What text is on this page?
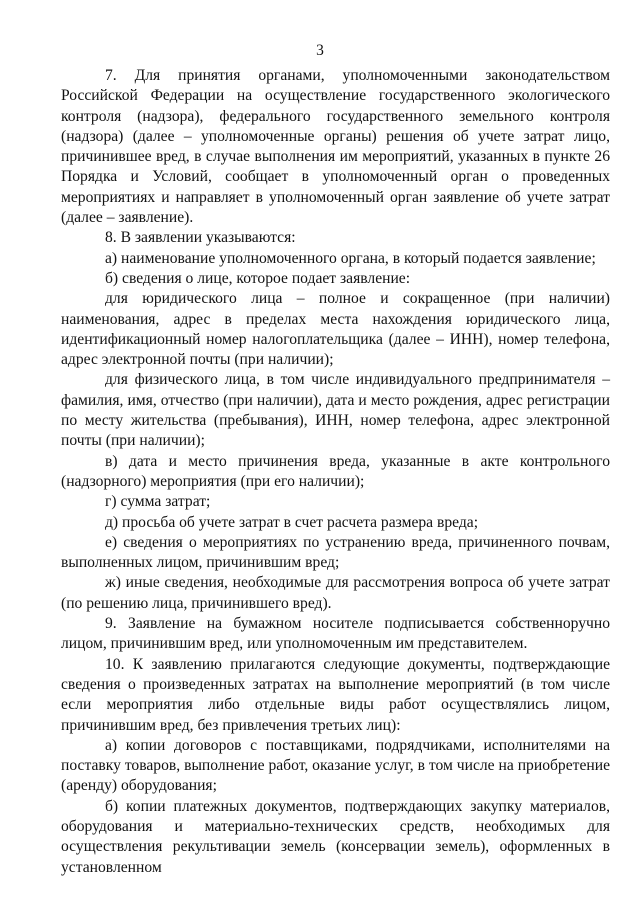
3

7. Для принятия органами, уполномоченными законодательством Российской Федерации на осуществление государственного экологического контроля (надзора), федерального государственного земельного контроля (надзора) (далее – уполномоченные органы) решения об учете затрат лицо, причинившее вред, в случае выполнения им мероприятий, указанных в пункте 26 Порядка и Условий, сообщает в уполномоченный орган о проведенных мероприятиях и направляет в уполномоченный орган заявление об учете затрат (далее – заявление).

8. В заявлении указываются:

а) наименование уполномоченного органа, в который подается заявление;

б) сведения о лице, которое подает заявление:

для юридического лица – полное и сокращенное (при наличии) наименования, адрес в пределах места нахождения юридического лица, идентификационный номер налогоплательщика (далее – ИНН), номер телефона, адрес электронной почты (при наличии);

для физического лица, в том числе индивидуального предпринимателя – фамилия, имя, отчество (при наличии), дата и место рождения, адрес регистрации по месту жительства (пребывания), ИНН, номер телефона, адрес электронной почты (при наличии);

в) дата и место причинения вреда, указанные в акте контрольного (надзорного) мероприятия (при его наличии);

г) сумма затрат;

д) просьба об учете затрат в счет расчета размера вреда;

е) сведения о мероприятиях по устранению вреда, причиненного почвам, выполненных лицом, причинившим вред;

ж) иные сведения, необходимые для рассмотрения вопроса об учете затрат (по решению лица, причинившего вред).

9. Заявление на бумажном носителе подписывается собственноручно лицом, причинившим вред, или уполномоченным им представителем.

10. К заявлению прилагаются следующие документы, подтверждающие сведения о произведенных затратах на выполнение мероприятий (в том числе если мероприятия либо отдельные виды работ осуществлялись лицом, причинившим вред, без привлечения третьих лиц):

а) копии договоров с поставщиками, подрядчиками, исполнителями на поставку товаров, выполнение работ, оказание услуг, в том числе на приобретение (аренду) оборудования;

б) копии платежных документов, подтверждающих закупку материалов, оборудования и материально-технических средств, необходимых для осуществления рекультивации земель (консервации земель), оформленных в установленном
